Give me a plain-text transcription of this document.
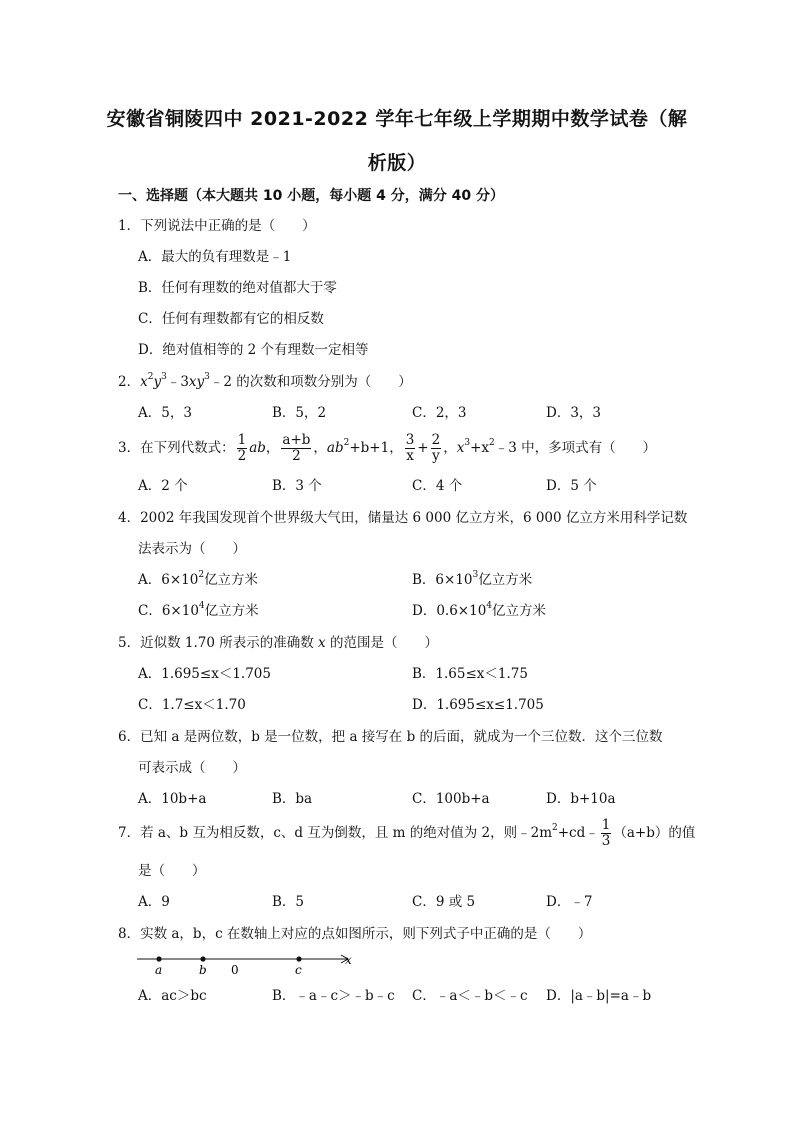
安徽省铜陵四中 2021-2022 学年七年级上学期期中数学试卷（解
析版）
一、选择题（本大题共 10 小题，每小题 4 分，满分 40 分）
1．下列说法中正确的是（　　）
A．最大的负有理数是﹣1
B．任何有理数的绝对值都大于零
C．任何有理数都有它的相反数
D．绝对值相等的 2 个有理数一定相等
2．$x^2y^3﹣3xy^3﹣2$ 的次数和项数分别为（　　）
A．5，3	B．5，2	C．2，3	D．3，3
3．在下列代数式： $\frac{1}{2}$ ab， $\frac{a+b}{2}$ ，$ab^2+b+1$， $\frac{3}{x} + \frac{2}{y}$ ，$x^3+x^2﹣3$ 中，多项式有（　　）
A．2 个	B．3 个	C．4 个	D．5 个
4．2002 年我国发现首个世界级大气田，储量达 6 000 亿立方米，6 000 亿立方米用科学记数
法表示为（　　）
A．$6\times 10^2$亿立方米	B．$6\times 10^3$亿立方米
C．$6\times 10^4$亿立方米	D．$0.6\times 10^4$亿立方米
5．近似数 1.70 所表示的准确数 x 的范围是（　　）
A．1.695≤x＜1.705	B．1.65≤x＜1.75
C．1.7≤x＜1.70	D．1.695≤x≤1.705
6．已知 a 是两位数，b 是一位数，把 a 接写在 b 的后面，就成为一个三位数．这个三位数
可表示成（　　）
A．10b+a	B．ba	C．100b+a	D．b+10a
7．若 a、b 互为相反数，c、d 互为倒数，且 m 的绝对值为 2，则$﹣2m^2+cd﹣ \frac{1}{3} (a+b)$的值
是（　　）
A．9	B．5	C．9 或 5	D．﹣7
8．实数 a，b，c 在数轴上对应的点如图所示，则下列式子中正确的是（　　）
a	b 0	c
x
A．ac＞bc	B．﹣a﹣c＞﹣b﹣c C．﹣a＜﹣b＜﹣c D．|a﹣b|=a﹣b
